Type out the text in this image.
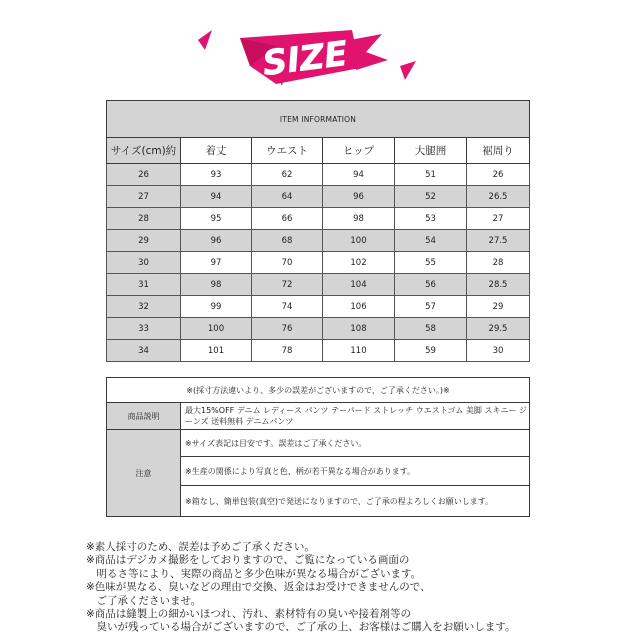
SIZE
ITEM INFORMATION					
サイズ(cm)約	着丈	ウエスト	ヒップ	大腿囲	裾周り
26	93	62	94	51	26
27	94	64	96	52	26.5
28	95	66	98	53	27
29	96	68	100	54	27.5
30	97	70	102	55	28
31	98	72	104	56	28.5
32	99	74	106	57	29
33	100	76	108	58	29.5
34	101	78	110	59	30
※(採寸方法違いより、多少の誤差がございますので、ご了承ください。)※	
商品説明	最大15%OFF デニム レディース パンツ テーパード ストレッチ ウエストゴム 美脚 スキニー ジーンズ 送料無料 デニムパンツ
注意	※サイズ表記は目安です。誤差はご了承ください。
	※生産の関係により写真と色、柄が若干異なる場合があります。
	※箱なし、簡単包装(真空)で発送になりますので、ご了承の程よろしくお願いします。
※素人採寸のため、誤差は予めご了承ください。
※商品はデジカメ撮影をしておりますので、ご覧になっている画面の
　明るさ等により、実際の商品と多少色味が異なる場合がございます。
※色味が異なる、臭いなどの理由で交換、返金はお受けできませんので、
　ご了承くださいませ。
※商品は縫製上の細かいほつれ、汚れ、素材特有の臭いや接着剤等の
　臭いが残っている場合がございますので、ご了承の上、お客様はご購入をお願いします。
